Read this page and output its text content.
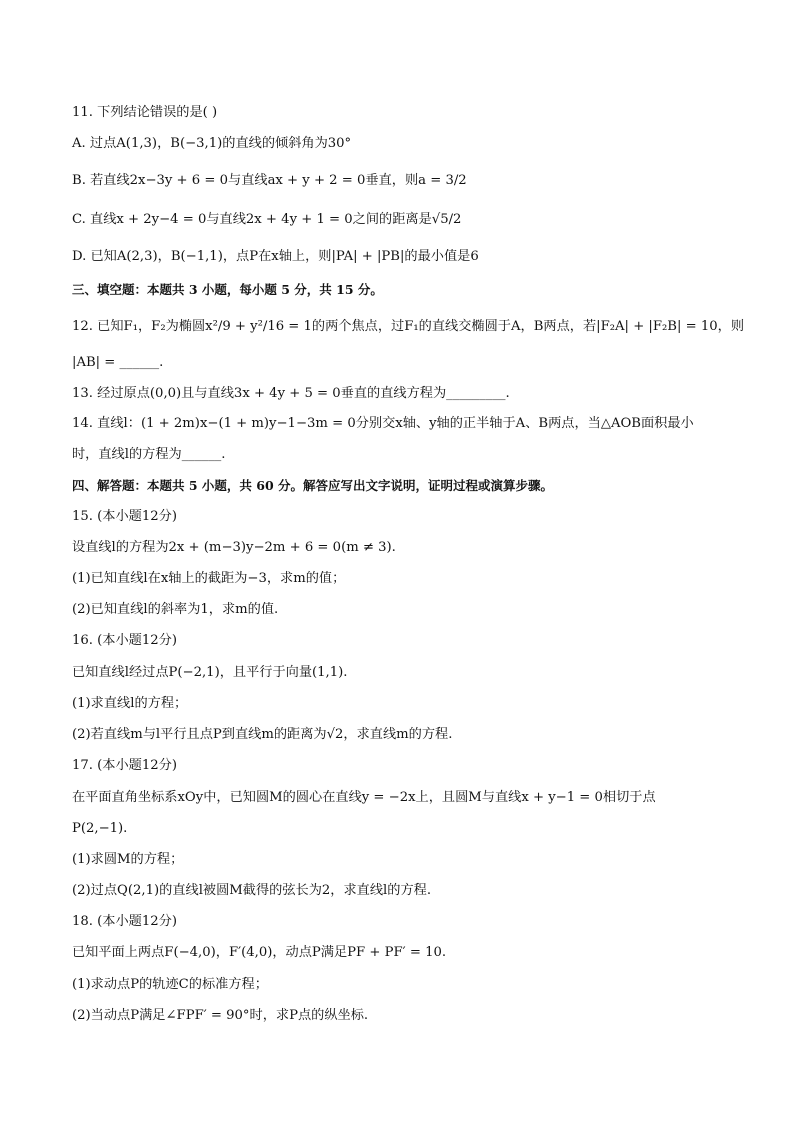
11. 下列结论错误的是( )
A. 过点A(1,3)，B(−3,1)的直线的倾斜角为30°
B. 若直线2x−3y + 6 = 0与直线ax + y + 2 = 0垂直，则a = 3/2
C. 直线x + 2y−4 = 0与直线2x + 4y + 1 = 0之间的距离是√5/2
D. 已知A(2,3)，B(−1,1)，点P在x轴上，则|PA| + |PB|的最小值是6
三、填空题：本题共 3 小题，每小题 5 分，共 15 分。
12. 已知F₁，F₂为椭圆x²/9 + y²/16 = 1的两个焦点，过F₁的直线交椭圆于A，B两点，若|F₂A| + |F₂B| = 10，则
|AB| = ______.
13. 经过原点(0,0)且与直线3x + 4y + 5 = 0垂直的直线方程为_________.
14. 直线l：(1 + 2m)x−(1 + m)y−1−3m = 0分别交x轴、y轴的正半轴于A、B两点，当△AOB面积最小
时，直线l的方程为______.
四、解答题：本题共 5 小题，共 60 分。解答应写出文字说明，证明过程或演算步骤。
15. (本小题12分)
设直线l的方程为2x + (m−3)y−2m + 6 = 0(m ≠ 3).
(1)已知直线l在x轴上的截距为−3，求m的值；
(2)已知直线l的斜率为1，求m的值.
16. (本小题12分)
已知直线l经过点P(−2,1)，且平行于向量(1,1).
(1)求直线l的方程；
(2)若直线m与l平行且点P到直线m的距离为√2，求直线m的方程.
17. (本小题12分)
在平面直角坐标系xOy中，已知圆M的圆心在直线y = −2x上，且圆M与直线x + y−1 = 0相切于点
P(2,−1).
(1)求圆M的方程；
(2)过点Q(2,1)的直线l被圆M截得的弦长为2，求直线l的方程.
18. (本小题12分)
已知平面上两点F(−4,0)，F′(4,0)，动点P满足PF + PF′ = 10.
(1)求动点P的轨迹C的标准方程；
(2)当动点P满足∠FPF′ = 90°时，求P点的纵坐标.
